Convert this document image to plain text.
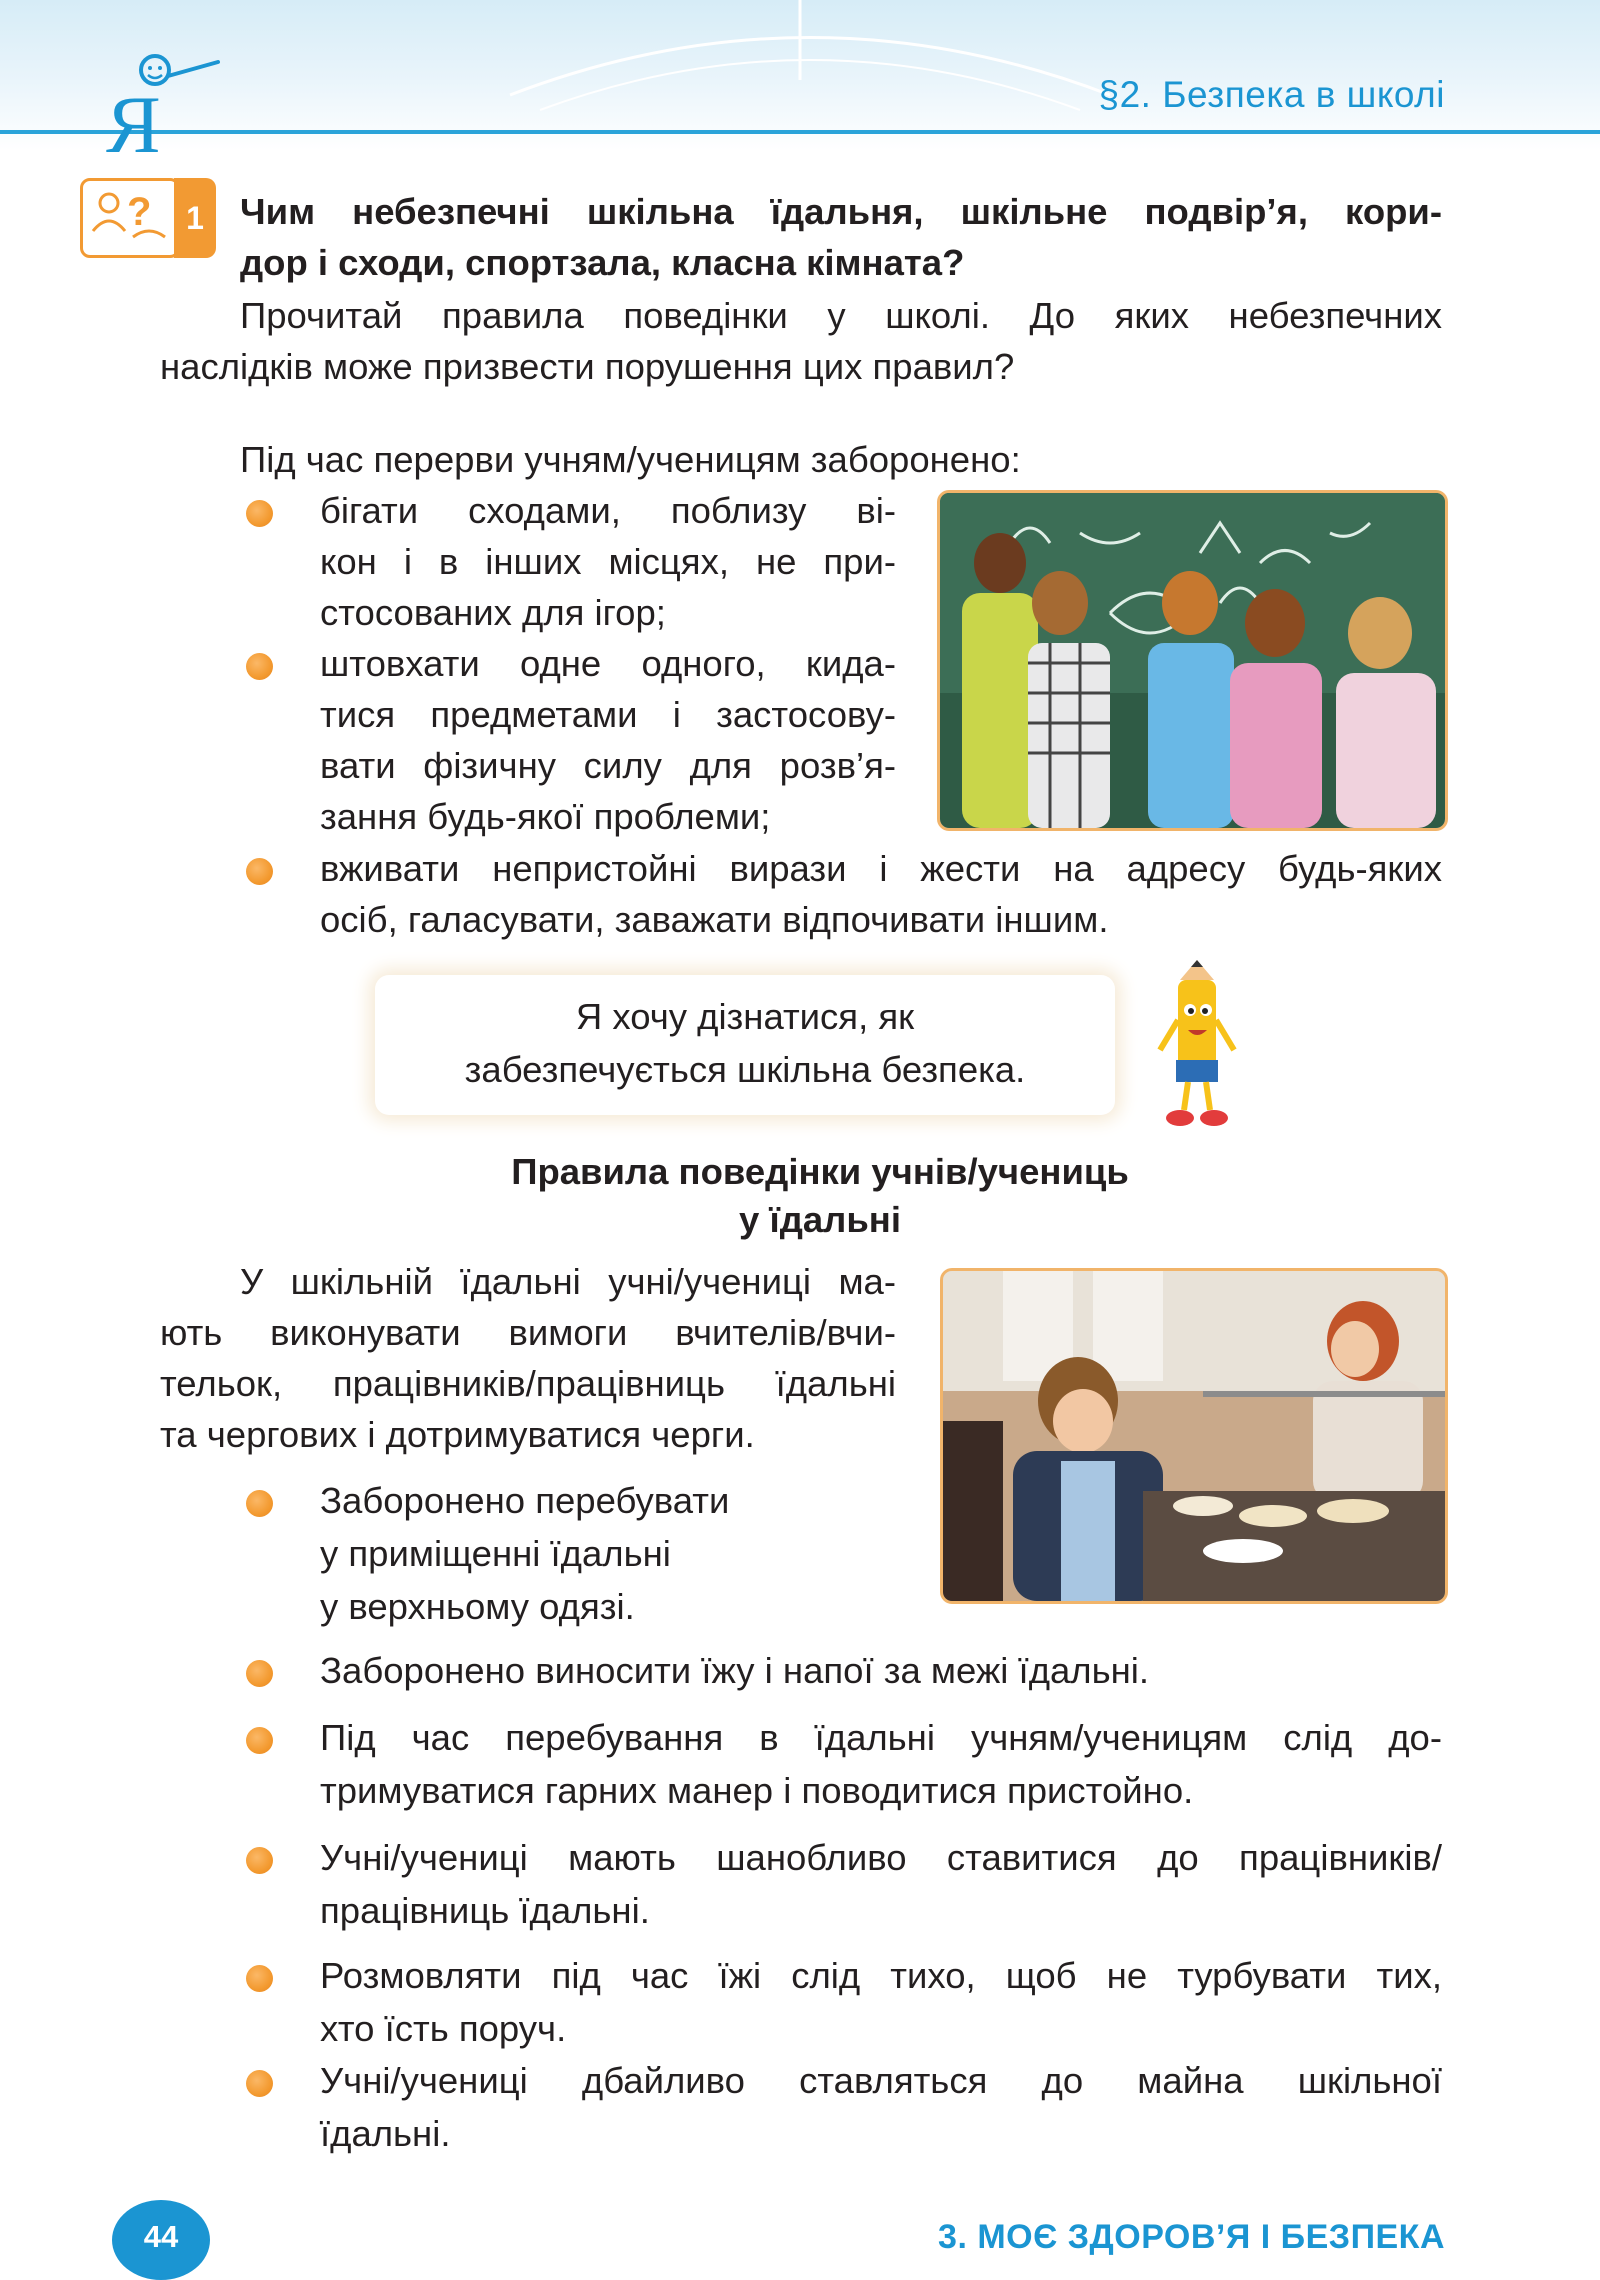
Я	§2. Безпека в школі
?	1 Чим небезпечні шкільна їдальня, шкільне подвір’я, кори-
дор і сходи, спортзала, класна кімната?
Прочитай правила поведінки у школі. До яких небезпечних
наслідків може призвести порушення цих правил?
Під час перерви учням/ученицям заборонено:
бігати сходами, поблизу ві-
кон і в інших місцях, не при-
стосованих для ігор;
штовхати одне одного, кида-
тися предметами і застосову-
вати фізичну силу для розв’я-
зання будь-якої проблеми;
вживати непристойні вирази і жести на адресу будь-яких
осіб, галасувати, заважати відпочивати іншим.
Я хочу дізнатися, як
забезпечується шкільна безпека.
Правила поведінки учнів/учениць
у їдальні
У шкільній їдальні учні/учениці ма-
ють виконувати вимоги вчителів/вчи-
тельок, працівників/працівниць їдальні
та чергових і дотримуватися черги.
Заборонено перебувати
у приміщенні їдальні
у верхньому одязі.
Заборонено виносити їжу і напої за межі їдальні.
Під час перебування в їдальні учням/ученицям слід до-
тримуватися гарних манер і поводитися пристойно.
Учні/учениці мають шанобливо ставитися до працівників/
працівниць їдальні.
Розмовляти під час їжі слід тихо, щоб не турбувати тих,
хто їсть поруч.
Учні/учениці дбайливо ставляться до майна шкільної
їдальні.
44	3. МОЄ ЗДОРОВ’Я І БЕЗПЕКА
